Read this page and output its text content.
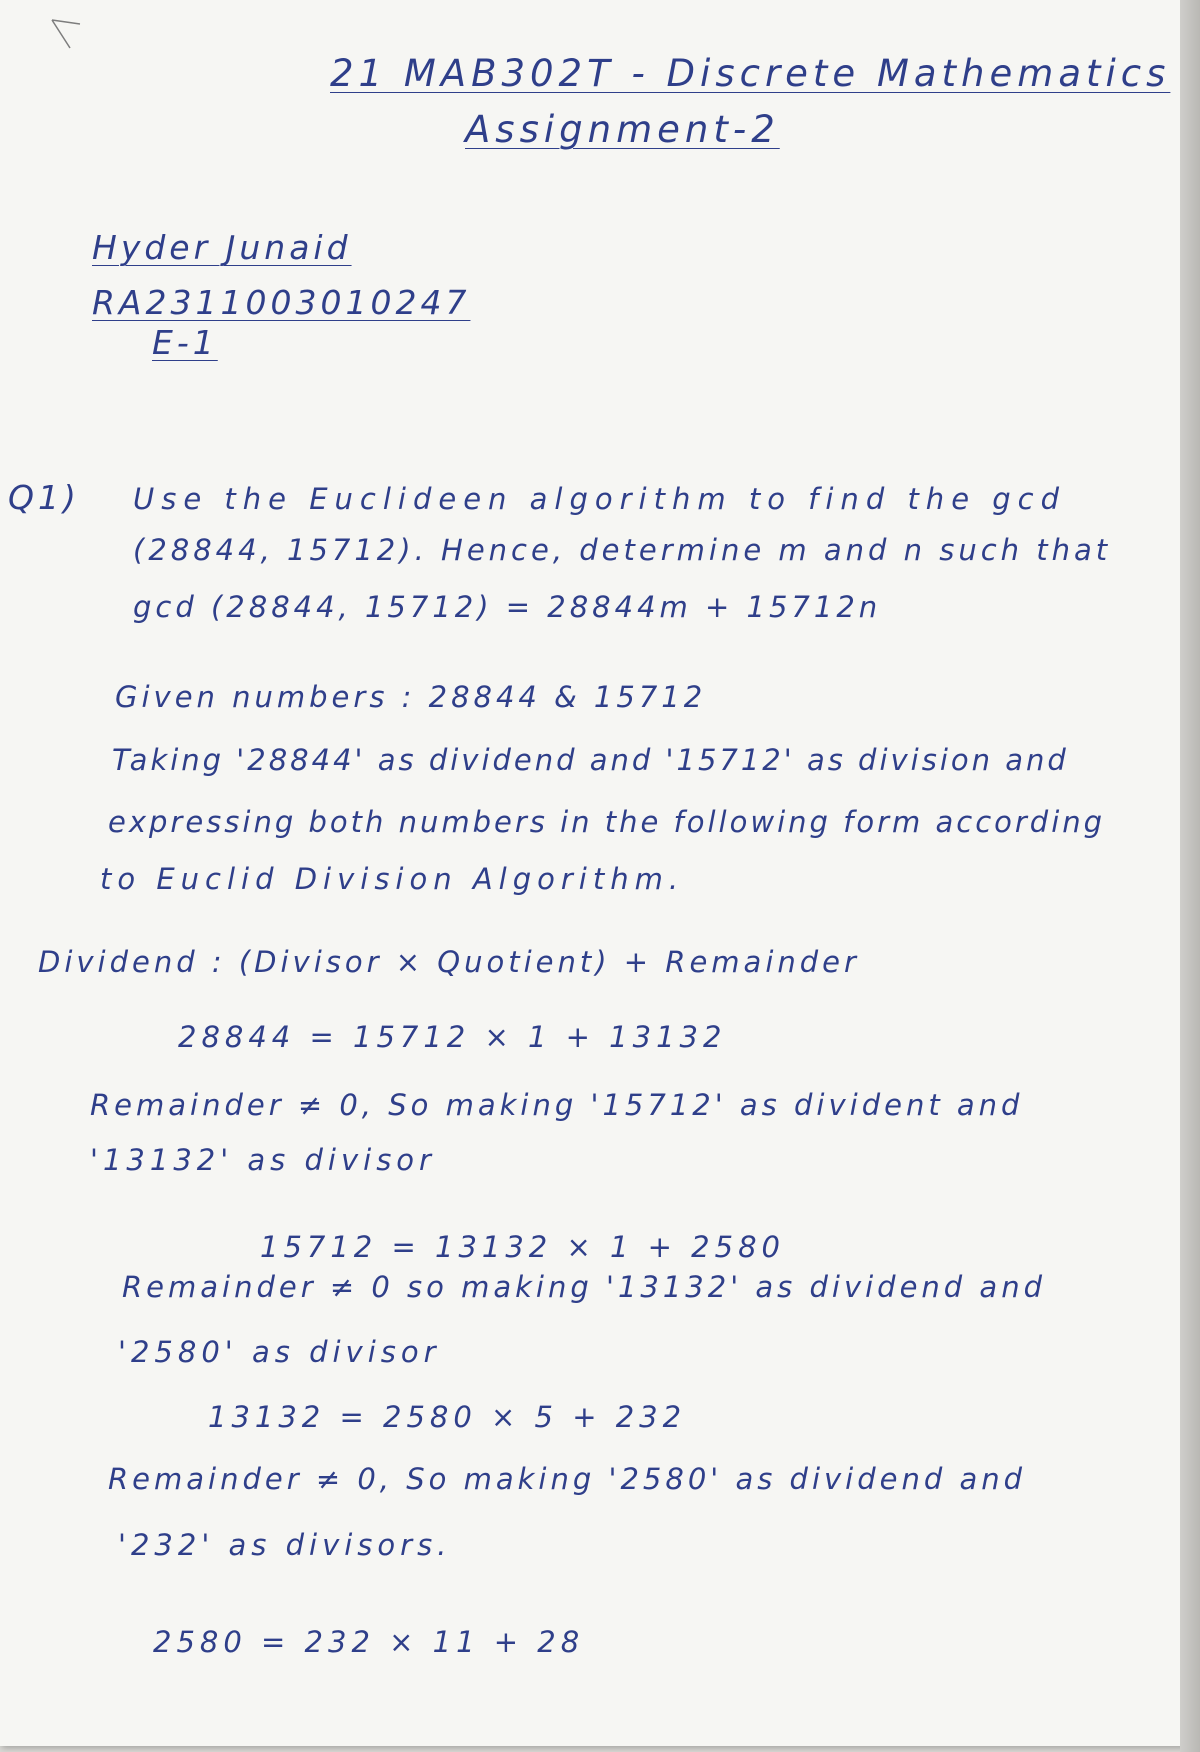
21 MAB302T - Discrete Mathematics
Assignment-2
Hyder Junaid
RA2311003010247
E-1
Q1) Use the Euclideen algorithm to find the gcd
(28844, 15712). Hence, determine m and n such that
gcd (28844, 15712) = 28844m + 15712n
Given numbers : 28844 & 15712
Taking '28844' as dividend and '15712' as division and
expressing both numbers in the following form according
to Euclid Division Algorithm.
Dividend : (Divisor × Quotient) + Remainder
28844 = 15712 × 1 + 13132
Remainder ≠ 0, So making '15712' as divident and
'13132' as divisor
15712 = 13132 × 1 + 2580
Remainder ≠ 0 so making '13132' as dividend and
'2580' as divisor
13132 = 2580 × 5 + 232
Remainder ≠ 0, So making '2580' as dividend and
'232' as divisors.
2580 = 232 × 11 + 28
